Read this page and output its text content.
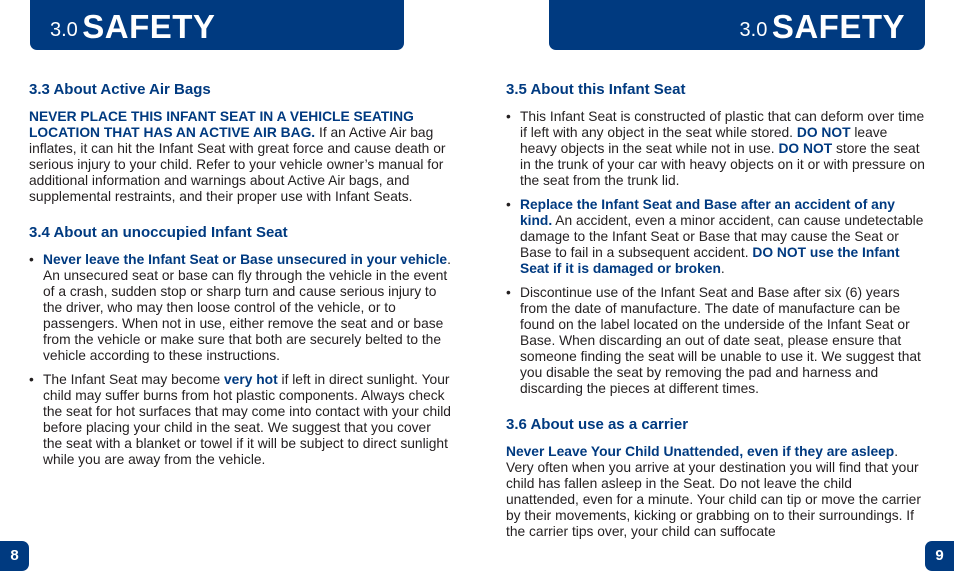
3.0 SAFETY	3.0 SAFETY
3.3 About Active Air Bags

NEVER PLACE THIS INFANT SEAT IN A VEHICLE SEATING LOCATION THAT HAS AN ACTIVE AIR BAG. If an Active Air bag inflates, it can hit the Infant Seat with great force and cause death or serious injury to your child. Refer to your vehicle owner’s manual for additional information and warnings about Active Air bags, and supplemental restraints, and their proper use with Infant Seats.

3.4 About an unoccupied Infant Seat
• Never leave the Infant Seat or Base unsecured in your vehicle. An unsecured seat or base can fly through the vehicle in the event of a crash, sudden stop or sharp turn and cause serious injury to the driver, who may then loose control of the vehicle, or to passengers. When not in use, either remove the seat and or base from the vehicle or make sure that both are securely belted to the vehicle according to these instructions.
• The Infant Seat may become very hot if left in direct sunlight. Your child may suffer burns from hot plastic components. Always check the seat for hot surfaces that may come into contact with your child before placing your child in the seat. We suggest that you cover the seat with a blanket or towel if it will be subject to direct sunlight while you are away from the vehicle.
3.5 About this Infant Seat
• This Infant Seat is constructed of plastic that can deform over time if left with any object in the seat while stored. DO NOT leave heavy objects in the seat while not in use. DO NOT store the seat in the trunk of your car with heavy objects on it or with pressure on the seat from the trunk lid.
• Replace the Infant Seat and Base after an accident of any kind. An accident, even a minor accident, can cause undetectable damage to the Infant Seat or Base that may cause the Seat or Base to fail in a subsequent accident. DO NOT use the Infant Seat if it is damaged or broken.
• Discontinue use of the Infant Seat and Base after six (6) years from the date of manufacture. The date of manufacture can be found on the label located on the underside of the Infant Seat or Base. When discarding an out of date seat, please ensure that someone finding the seat will be unable to use it. We suggest that you disable the seat by removing the pad and harness and discarding the pieces at different times.
3.6 About use as a carrier

Never Leave Your Child Unattended, even if they are asleep. Very often when you arrive at your destination you will find that your child has fallen asleep in the Seat. Do not leave the child unattended, even for a minute. Your child can tip or move the carrier by their movements, kicking or grabbing on to their surroundings. If the carrier tips over, your child can suffocate

8	9
